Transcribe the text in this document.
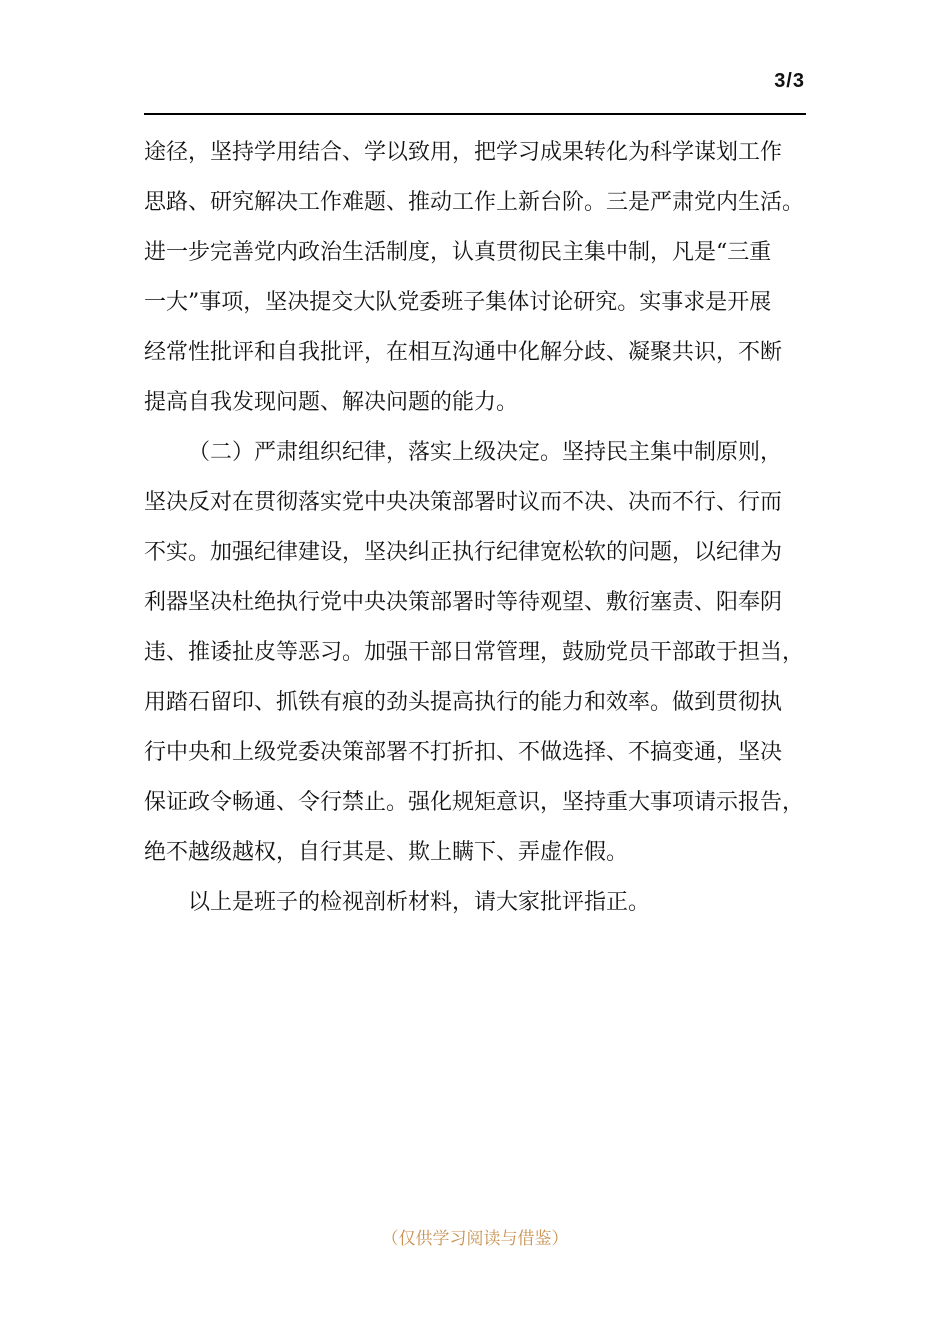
3/3
途径，坚持学用结合、学以致用，把学习成果转化为科学谋划工作
思路、研究解决工作难题、推动工作上新台阶。三是严肃党内生活。
进一步完善党内政治生活制度，认真贯彻民主集中制，凡是“三重
一大”事项，坚决提交大队党委班子集体讨论研究。实事求是开展
经常性批评和自我批评，在相互沟通中化解分歧、凝聚共识，不断
提高自我发现问题、解决问题的能力。
（二）严肃组织纪律，落实上级决定。坚持民主集中制原则，
坚决反对在贯彻落实党中央决策部署时议而不决、决而不行、行而
不实。加强纪律建设，坚决纠正执行纪律宽松软的问题，以纪律为
利器坚决杜绝执行党中央决策部署时等待观望、敷衍塞责、阳奉阴
违、推诿扯皮等恶习。加强干部日常管理，鼓励党员干部敢于担当，
用踏石留印、抓铁有痕的劲头提高执行的能力和效率。做到贯彻执
行中央和上级党委决策部署不打折扣、不做选择、不搞变通，坚决
保证政令畅通、令行禁止。强化规矩意识，坚持重大事项请示报告，
绝不越级越权，自行其是、欺上瞒下、弄虚作假。
以上是班子的检视剖析材料，请大家批评指正。
（仅供学习阅读与借鉴）
